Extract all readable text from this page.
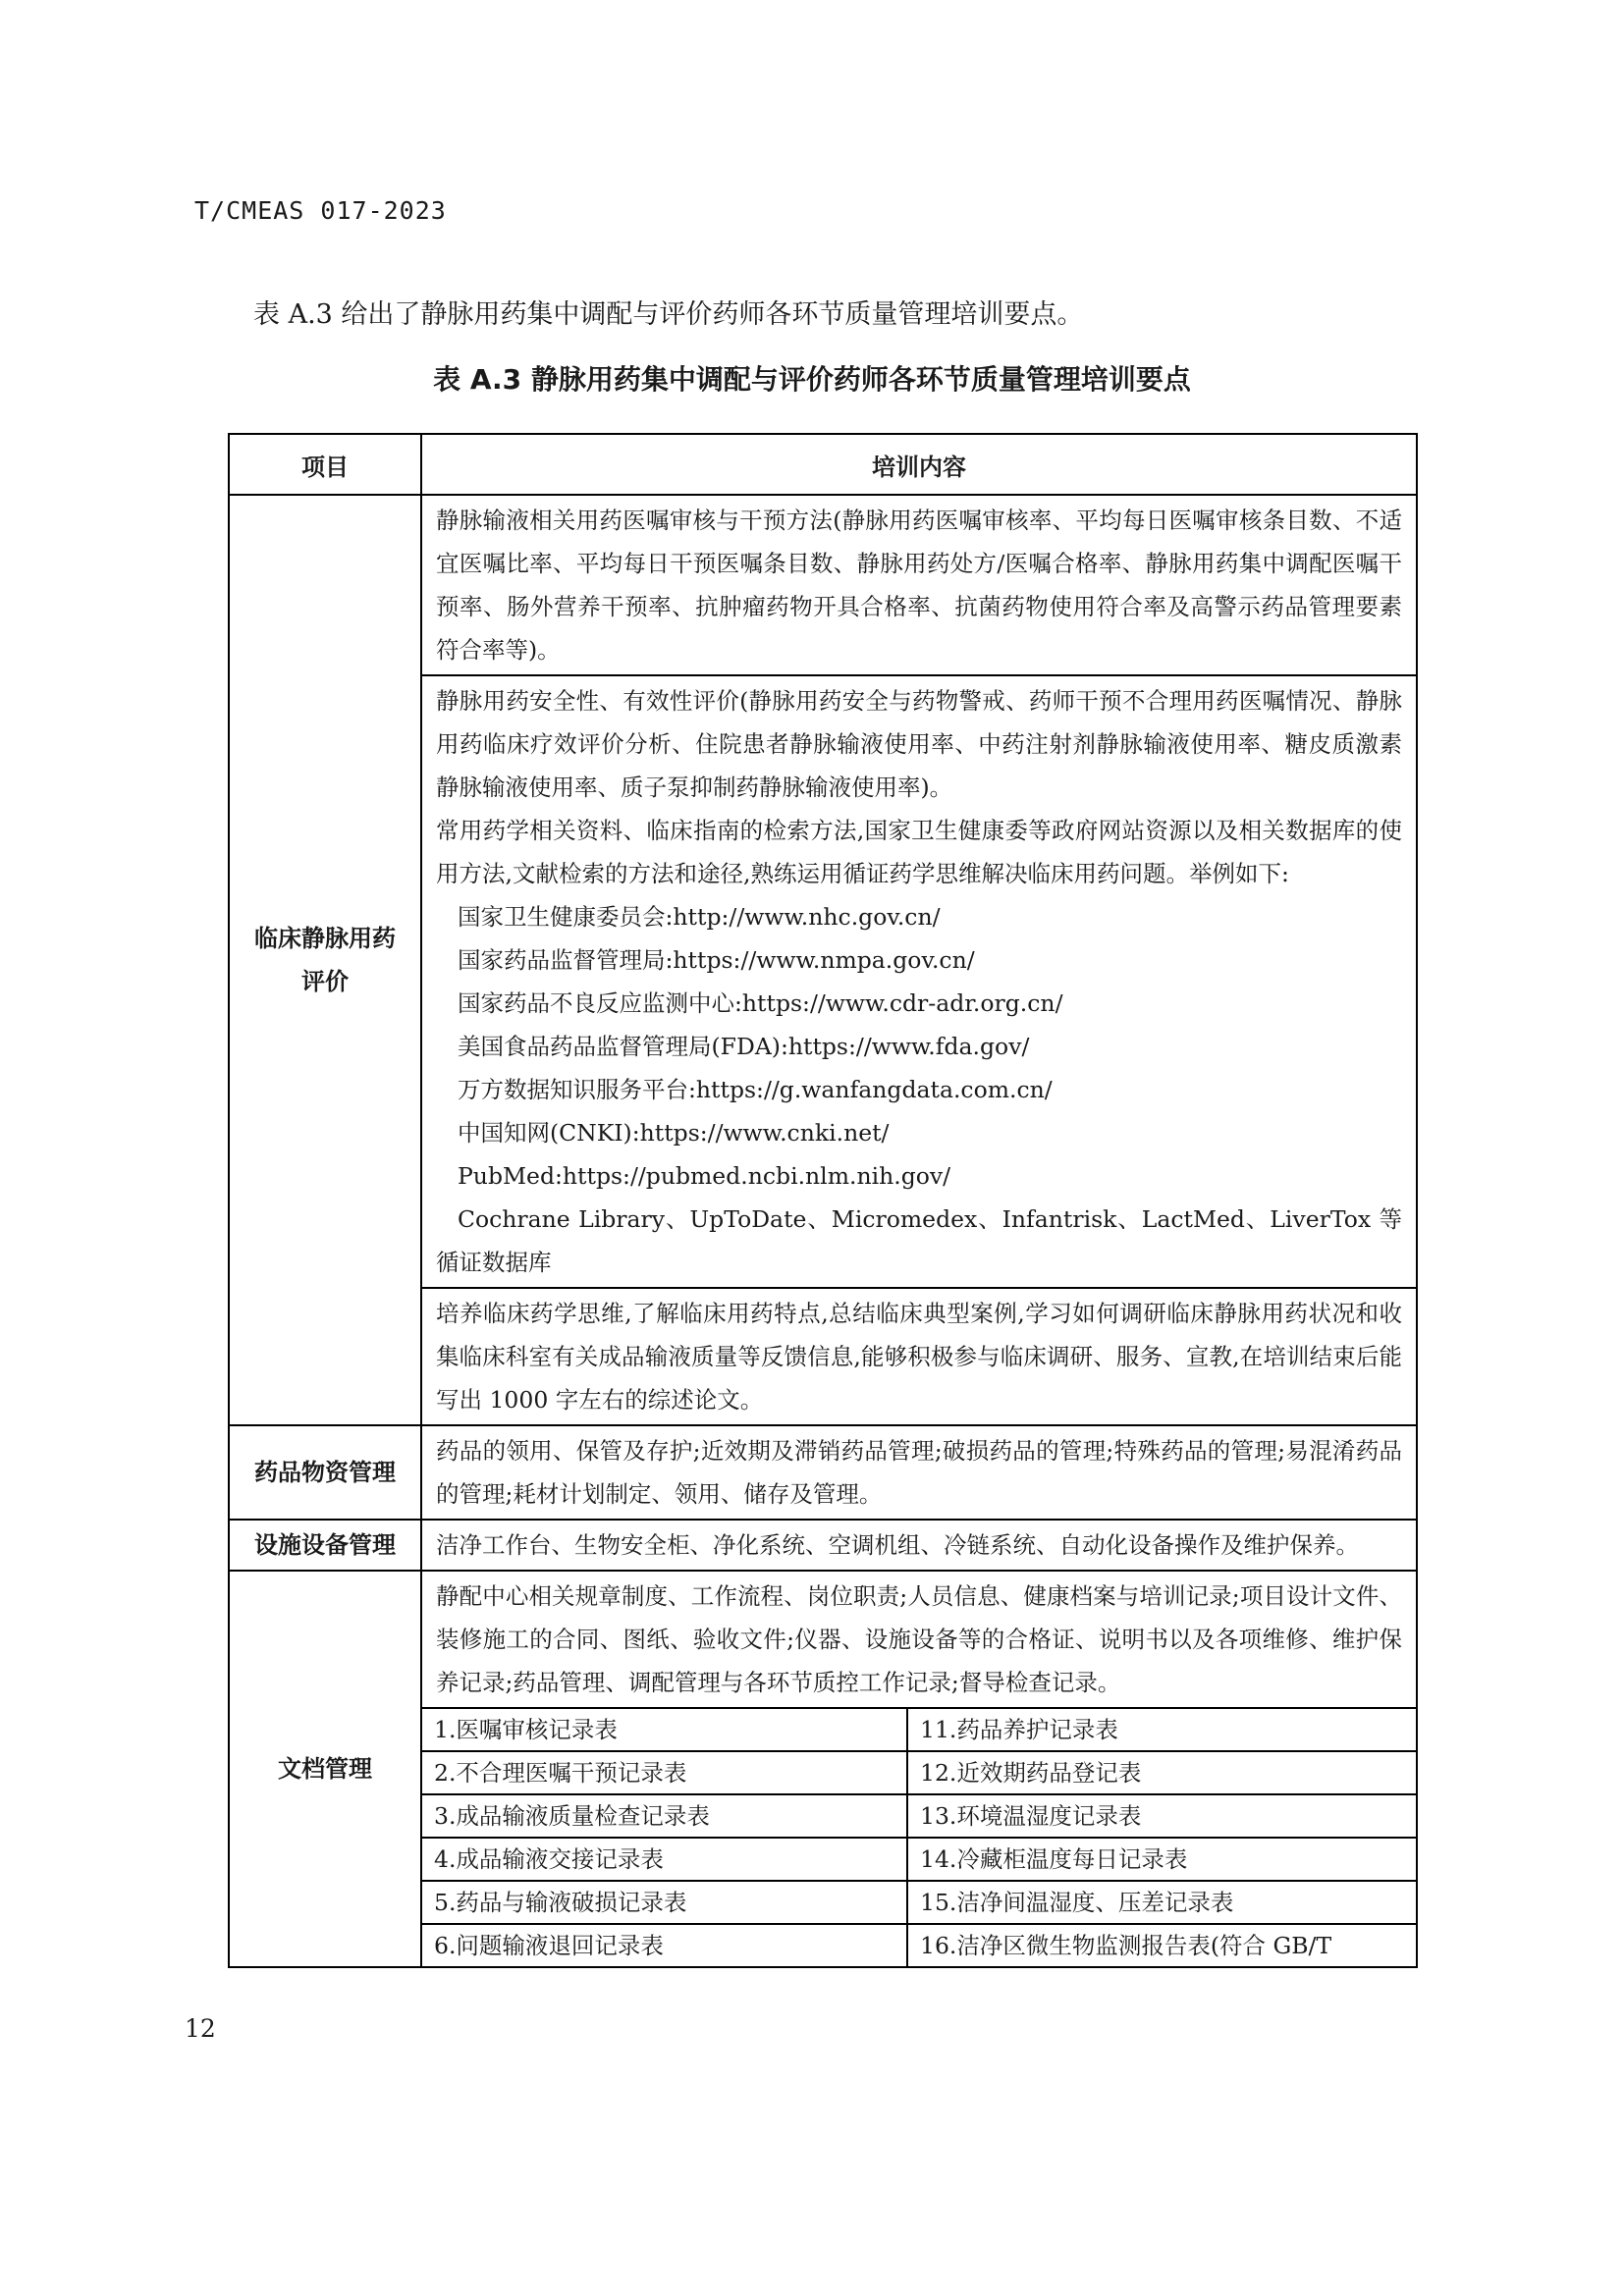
T/CMEAS 017-2023
表 A.3 给出了静脉用药集中调配与评价药师各环节质量管理培训要点。
表 A.3 静脉用药集中调配与评价药师各环节质量管理培训要点
项目	培训内容

临床静脉用药
评价
	静脉输液相关用药医嘱审核与干预方法(静脉用药医嘱审核率、平均每日医嘱审核条目数、不适宜医嘱比率、平均每日干预医嘱条目数、静脉用药处方/医嘱合格率、静脉用药集中调配医嘱干预率、肠外营养干预率、抗肿瘤药物开具合格率、抗菌药物使用符合率及高警示药品管理要素符合率等)。

静脉用药安全性、有效性评价(静脉用药安全与药物警戒、药师干预不合理用药医嘱情况、静脉用药临床疗效评价分析、住院患者静脉输液使用率、中药注射剂静脉输液使用率、糖皮质激素静脉输液使用率、质子泵抑制药静脉输液使用率)。
常用药学相关资料、临床指南的检索方法,国家卫生健康委等政府网站资源以及相关数据库的使用方法,文献检索的方法和途径,熟练运用循证药学思维解决临床用药问题。举例如下:
国家卫生健康委员会:http://www.nhc.gov.cn/
国家药品监督管理局:https://www.nmpa.gov.cn/
国家药品不良反应监测中心:https://www.cdr-adr.org.cn/
美国食品药品监督管理局(FDA):https://www.fda.gov/
万方数据知识服务平台:https://g.wanfangdata.com.cn/
中国知网(CNKI):https://www.cnki.net/
PubMed:https://pubmed.ncbi.nlm.nih.gov/
Cochrane Library、UpToDate、Micromedex、Infantrisk、LactMed、LiverTox 等循证数据库

培养临床药学思维,了解临床用药特点,总结临床典型案例,学习如何调研临床静脉用药状况和收集临床科室有关成品输液质量等反馈信息,能够积极参与临床调研、服务、宣教,在培训结束后能写出 1000 字左右的综述论文。
药品物资管理	药品的领用、保管及存护;近效期及滞销药品管理;破损药品的管理;特殊药品的管理;易混淆药品的管理;耗材计划制定、领用、储存及管理。
设施设备管理	洁净工作台、生物安全柜、净化系统、空调机组、冷链系统、自动化设备操作及维护保养。
文档管理	静配中心相关规章制度、工作流程、岗位职责;人员信息、健康档案与培训记录;项目设计文件、装修施工的合同、图纸、验收文件;仪器、设施设备等的合格证、说明书以及各项维修、维护保养记录;药品管理、调配管理与各环节质控工作记录;督导检查记录。

1.医嘱审核记录表	11.药品养护记录表
2.不合理医嘱干预记录表	12.近效期药品登记表
3.成品输液质量检查记录表	13.环境温湿度记录表
4.成品输液交接记录表	14.冷藏柜温度每日记录表
5.药品与输液破损记录表	15.洁净间温湿度、压差记录表
6.问题输液退回记录表	16.洁净区微生物监测报告表(符合 GB/T
12
